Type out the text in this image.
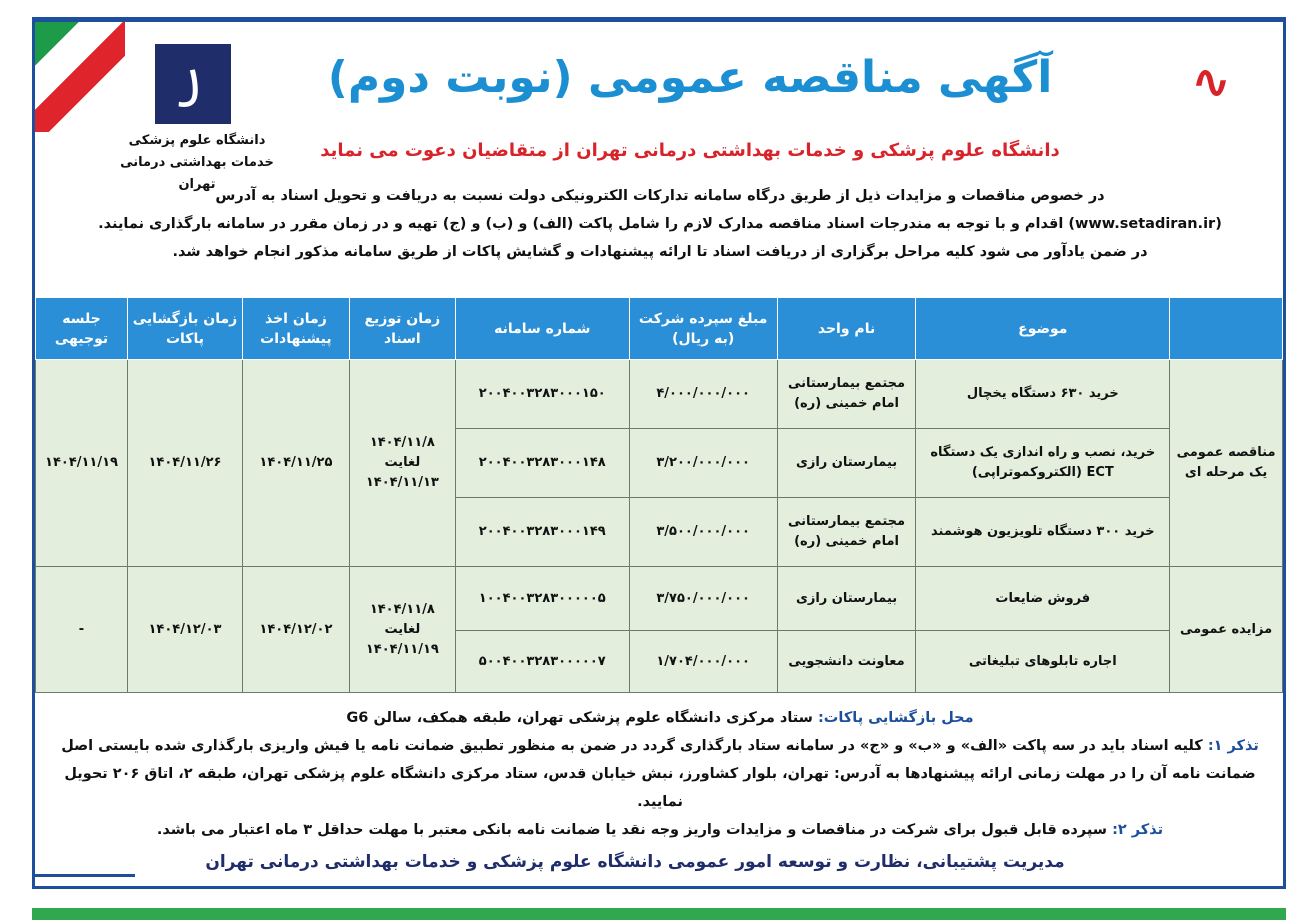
꠸
دانشگاه علوم پزشکی
خدمات بهداشتی درمانی تهران
آگهی مناقصه عمومی (نوبت دوم)
دانشگاه علوم پزشکی و خدمات بهداشتی درمانی تهران از متقاضیان دعوت می نماید
∿
در خصوص مناقصات و مزایدات ذیل از طریق درگاه سامانه تدارکات الکترونیکی دولت نسبت به دریافت و تحویل اسناد به آدرس
(www.setadiran.ir) اقدام و با توجه به مندرجات اسناد مناقصه مدارک لازم را شامل پاکت (الف) و (ب) و (ج) تهیه و در زمان مقرر در سامانه بارگذاری نمایند.
در ضمن یادآور می شود کلیه مراحل برگزاری از دریافت اسناد تا ارائه پیشنهادات و گشایش پاکات از طریق سامانه مذکور انجام خواهد شد.
	موضوع	نام واحد	مبلغ سپرده شرکت (به ریال)	شماره سامانه	زمان توزیع اسناد	زمان اخذ پیشنهادات	زمان بازگشایی پاکات	جلسه توجیهی
مناقصه عمومی یک مرحله ای	خرید ۶۳۰ دستگاه یخچال	مجتمع بیمارستانی امام خمینی (ره)	۴/۰۰۰/۰۰۰/۰۰۰	۲۰۰۴۰۰۳۲۸۳۰۰۰۱۵۰	۱۴۰۴/۱۱/۸ لغایت ۱۴۰۴/۱۱/۱۳	۱۴۰۴/۱۱/۲۵	۱۴۰۴/۱۱/۲۶	۱۴۰۴/۱۱/۱۹
	خرید، نصب و راه اندازی یک دستگاه ECT (الکتروکموتراپی)	بیمارستان رازی	۳/۲۰۰/۰۰۰/۰۰۰	۲۰۰۴۰۰۳۲۸۳۰۰۰۱۴۸				
	خرید ۳۰۰ دستگاه تلویزیون هوشمند	مجتمع بیمارستانی امام خمینی (ره)	۳/۵۰۰/۰۰۰/۰۰۰	۲۰۰۴۰۰۳۲۸۳۰۰۰۱۴۹				
مزایده عمومی	فروش ضایعات	بیمارستان رازی	۳/۷۵۰/۰۰۰/۰۰۰	۱۰۰۴۰۰۳۲۸۳۰۰۰۰۰۵	۱۴۰۴/۱۱/۸ لغایت ۱۴۰۴/۱۱/۱۹	۱۴۰۴/۱۲/۰۲	۱۴۰۴/۱۲/۰۳	-
	اجاره تابلوهای تبلیغاتی	معاونت دانشجویی	۱/۷۰۴/۰۰۰/۰۰۰	۵۰۰۴۰۰۳۲۸۳۰۰۰۰۰۷				
محل بازگشایی پاکات: ستاد مرکزی دانشگاه علوم پزشکی تهران، طبقه همکف، سالن G6
تذکر ۱: کلیه اسناد باید در سه پاکت «الف» و «ب» و «ج» در سامانه ستاد بارگذاری گردد در ضمن به منظور تطبیق ضمانت نامه یا فیش واریزی بارگذاری شده بایستی اصل ضمانت نامه آن را در مهلت زمانی ارائه پیشنهادها به آدرس: تهران، بلوار کشاورز، نبش خیابان قدس، ستاد مرکزی دانشگاه علوم پزشکی تهران، طبقه ۲، اتاق ۲۰۶ تحویل نمایید.
تذکر ۲: سپرده قابل قبول برای شرکت در مناقصات و مزایدات واریز وجه نقد یا ضمانت نامه بانکی معتبر با مهلت حداقل ۳ ماه اعتبار می باشد.
مدیریت پشتیبانی، نظارت و توسعه امور عمومی دانشگاه علوم پزشکی و خدمات بهداشتی درمانی تهران
